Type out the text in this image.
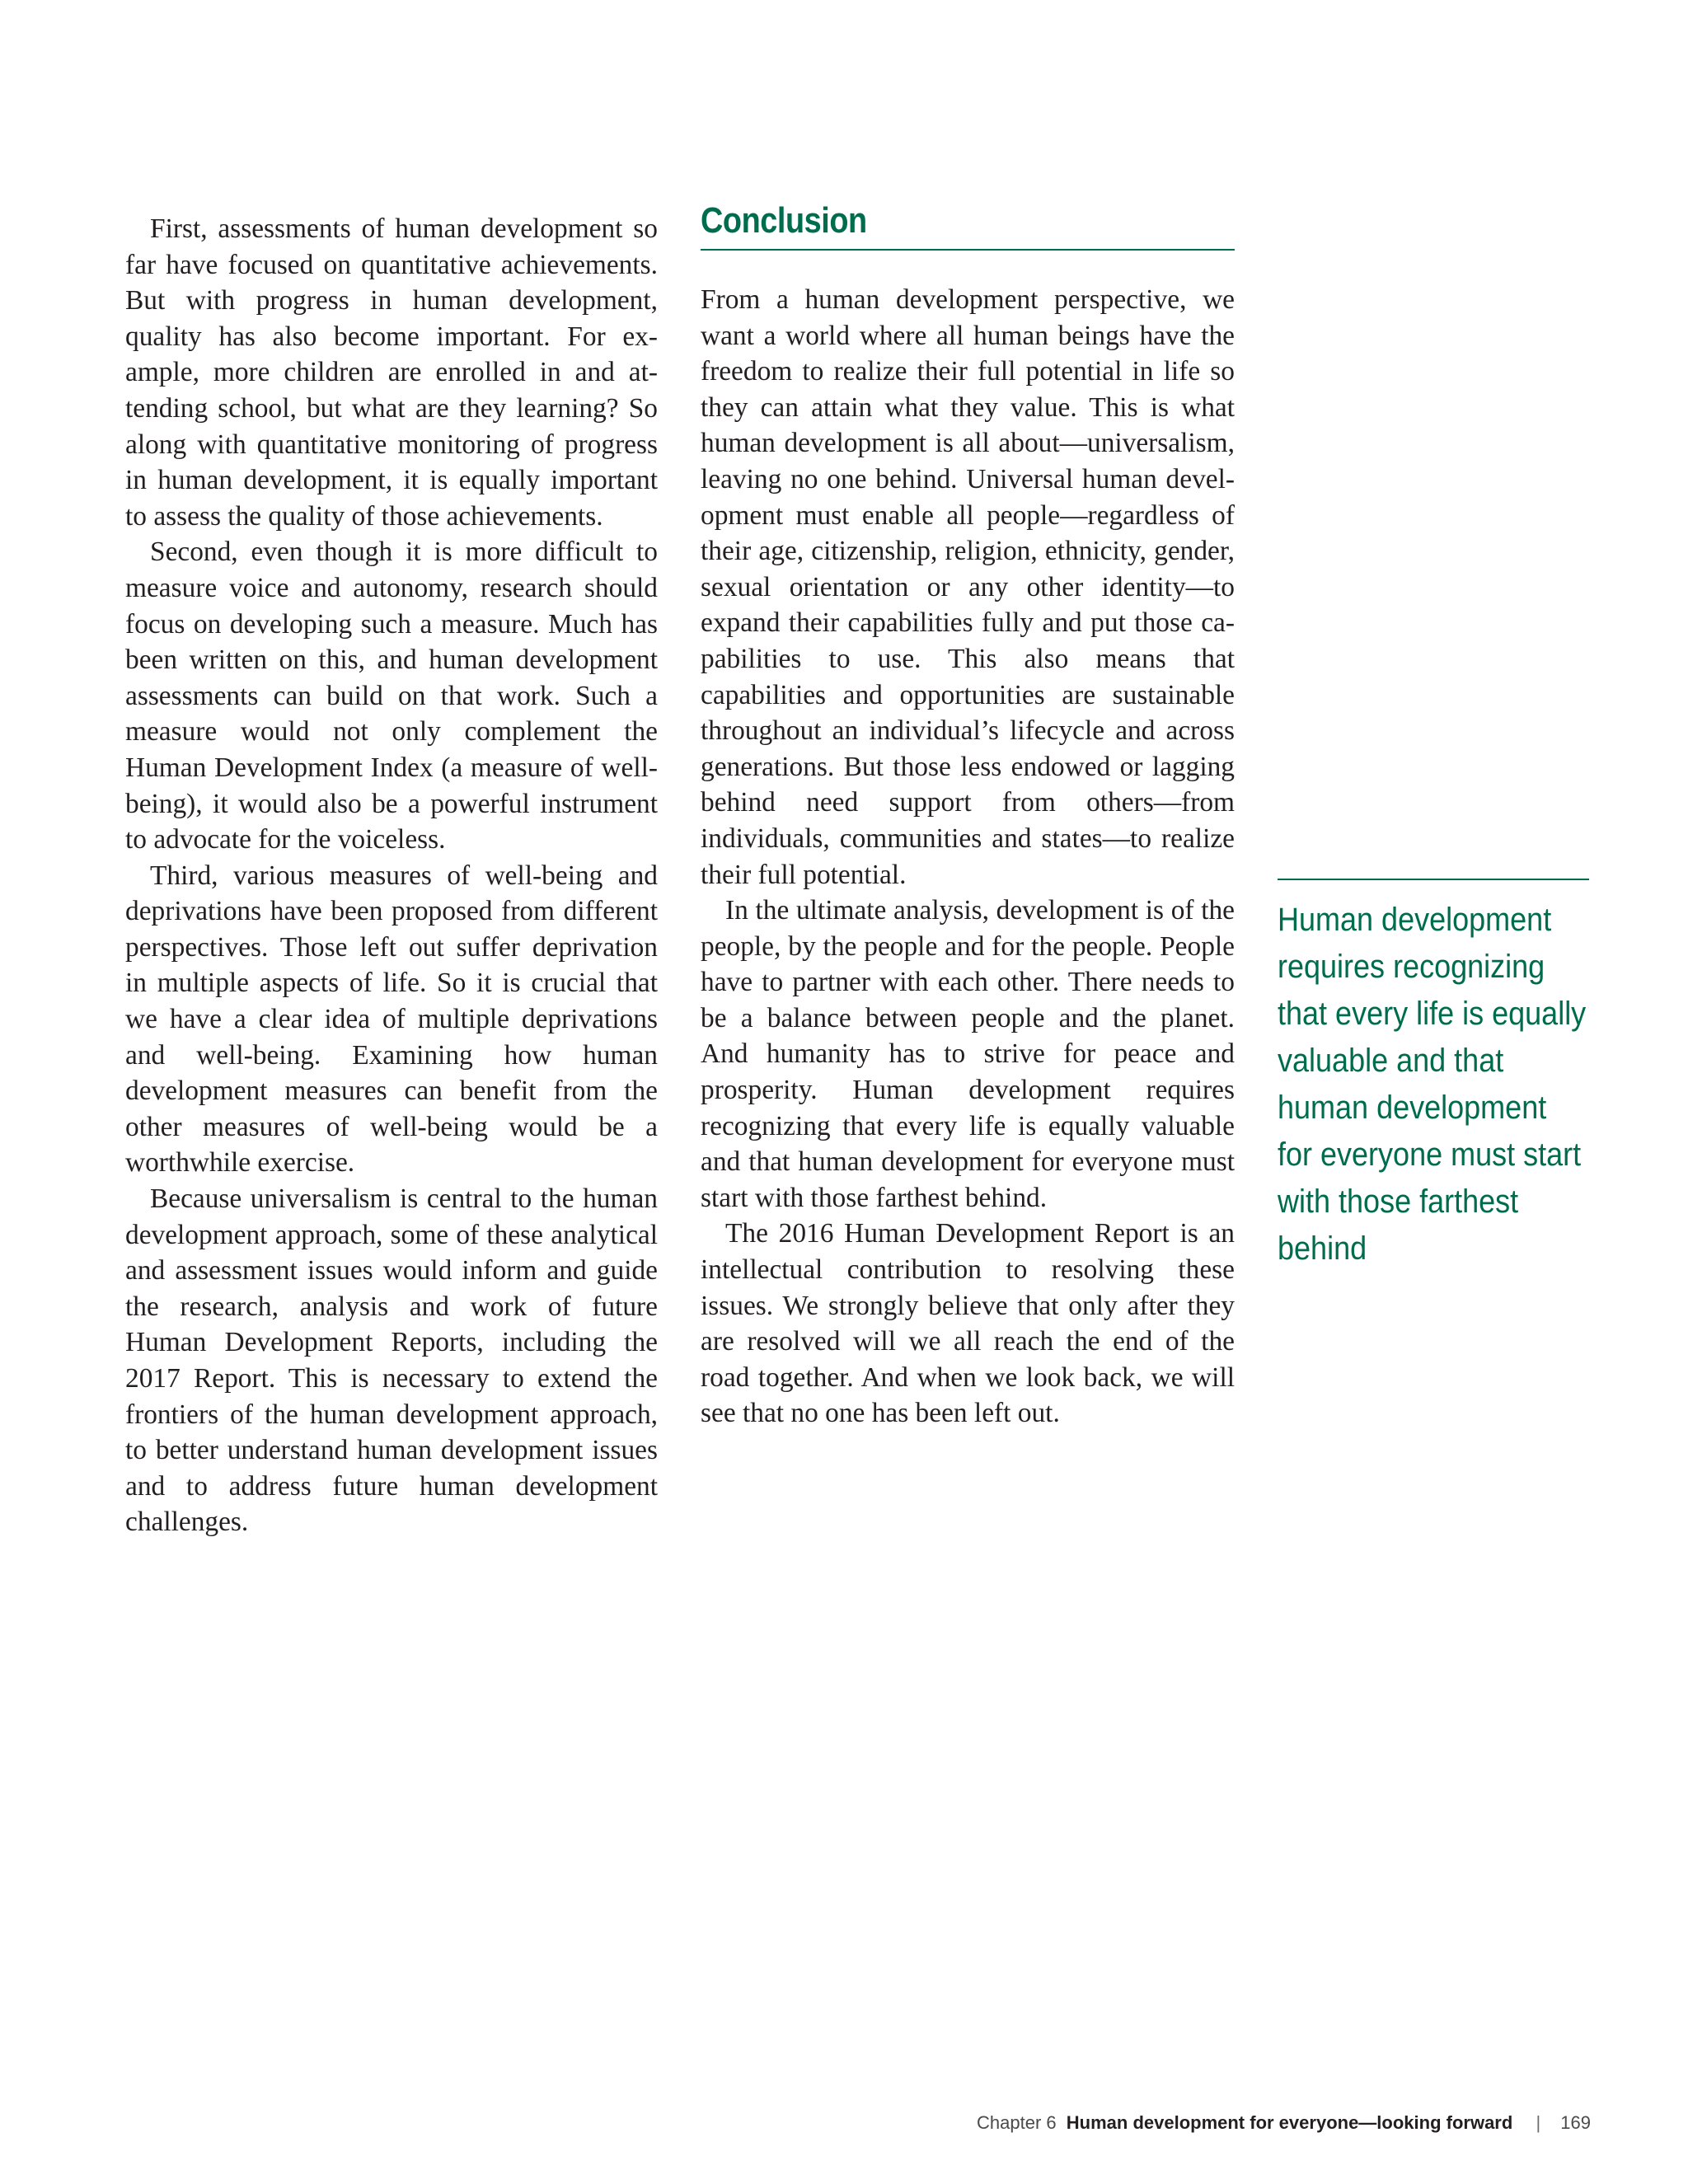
First, assessments of human development so far have focused on quantitative achievements. But with progress in human development, quality has also become important. For example, more children are enrolled in and attending school, but what are they learning? So along with quantitative monitoring of progress in human development, it is equally important to assess the quality of those achievements.

Second, even though it is more difficult to measure voice and autonomy, research should focus on developing such a measure. Much has been written on this, and human development assessments can build on that work. Such a measure would not only complement the Human Development Index (a measure of well-being), it would also be a powerful instrument to advocate for the voiceless.

Third, various measures of well-being and deprivations have been proposed from different perspectives. Those left out suffer deprivation in multiple aspects of life. So it is crucial that we have a clear idea of multiple deprivations and well-being. Examining how human development measures can benefit from the other measures of well-being would be a worthwhile exercise.

Because universalism is central to the human development approach, some of these analytical and assessment issues would inform and guide the research, analysis and work of future Human Development Reports, including the 2017 Report. This is necessary to extend the frontiers of the human development approach, to better understand human development issues and to address future human development challenges.

Conclusion

From a human development perspective, we want a world where all human beings have the freedom to realize their full potential in life so they can attain what they value. This is what human development is all about—universalism, leaving no one behind. Universal human development must enable all people—regardless of their age, citizenship, religion, ethnicity, gender, sexual orientation or any other identity—to expand their capabilities fully and put those capabilities to use. This also means that capabilities and opportunities are sustainable throughout an individual’s lifecycle and across generations. But those less endowed or lagging behind need support from others—from individuals, communities and states—to realize their full potential.

In the ultimate analysis, development is of the people, by the people and for the people. People have to partner with each other. There needs to be a balance between people and the planet. And humanity has to strive for peace and prosperity. Human development requires recognizing that every life is equally valuable and that human development for everyone must start with those farthest behind.

The 2016 Human Development Report is an intellectual contribution to resolving these issues. We strongly believe that only after they are resolved will we all reach the end of the road together. And when we look back, we will see that no one has been left out.

Human development requires recognizing that every life is equally valuable and that human development for everyone must start with those farthest behind

Chapter 6 Human development for everyone—looking forward | 169
